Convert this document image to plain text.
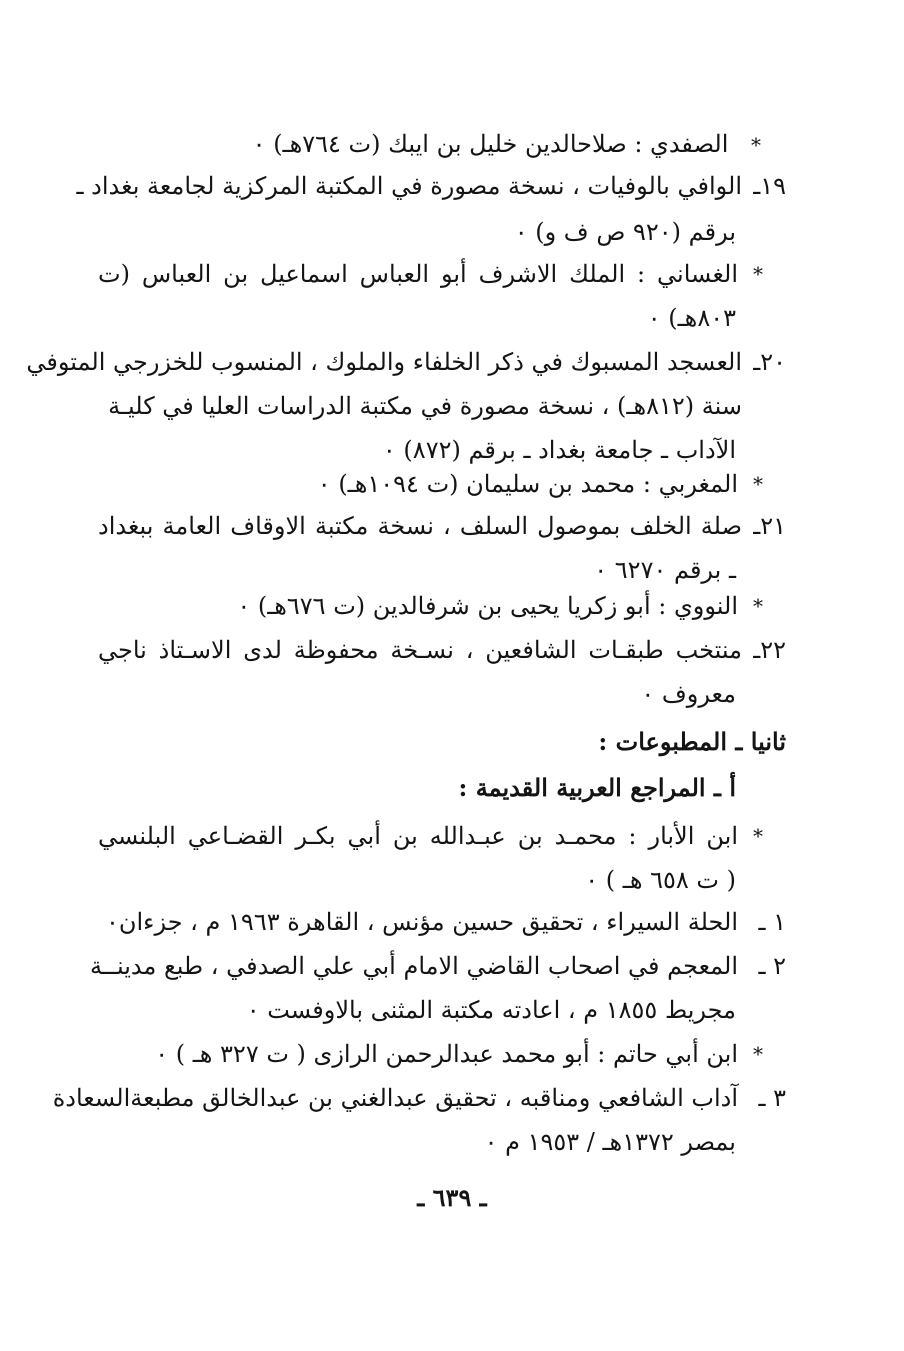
* الصفدي : صلاحالدين خليل بن ايبك (ت ٧٦٤هـ) ٠
١٩ـ
الوافي بالوفيات ، نسخة مصورة في المكتبة المركزية لجامعة بغداد ـ
برقم (٩٢٠ ص ف و) ٠
*
الغساني : الملك الاشرف أبو العباس اسماعيل بن العباس (ت
٨٠٣هـ) ٠
٢٠ـ
العسجد المسبوك في ذكر الخلفاء والملوك ، المنسوب للخزرجي المتوفي
سنة (٨١٢هـ) ، نسخة مصورة في مكتبة الدراسات العليا في كليـة
الآداب ـ جامعة بغداد ـ برقم (٨٧٢) ٠
*
المغربي : محمد بن سليمان (ت ١٠٩٤هـ) ٠
٢١ـ
صلة الخلف بموصول السلف ، نسخة مكتبة الاوقاف العامة ببغداد
ـ برقم ٦٢٧٠ ٠
*
النووي : أبو زكريا يحيى بن شرفالدين (ت ٦٧٦هـ) ٠
٢٢ـ
منتخب طبقـات الشافعين ، نسـخة محفوظة لدى الاسـتاذ ناجي
معروف ٠
ثانيا ـ المطبوعات :
أ ـ المراجع العربية القديمة :
*
ابن الأبار : محمـد بن عبـدالله بن أبي بكـر القضـاعي البلنسي
( ت ٦٥٨ هـ ) ٠
١ ـ
الحلة السيراء ، تحقيق حسين مؤنس ، القاهرة ١٩٦٣ م ، جزءان٠
٢ ـ
المعجم في اصحاب القاضي الامام أبي علي الصدفي ، طبع مدينــة
مجريط ١٨٥٥ م ، اعادته مكتبة المثنى بالاوفست ٠
*
ابن أبي حاتم : أبو محمد عبدالرحمن الرازى ( ت ٣٢٧ هـ ) ٠
٣ ـ
آداب الشافعي ومناقبه ، تحقيق عبدالغني بن عبدالخالق مطبعةالسعادة
بمصر ١٣٧٢هـ / ١٩٥٣ م ٠
ـ ٦٣٩ ـ
